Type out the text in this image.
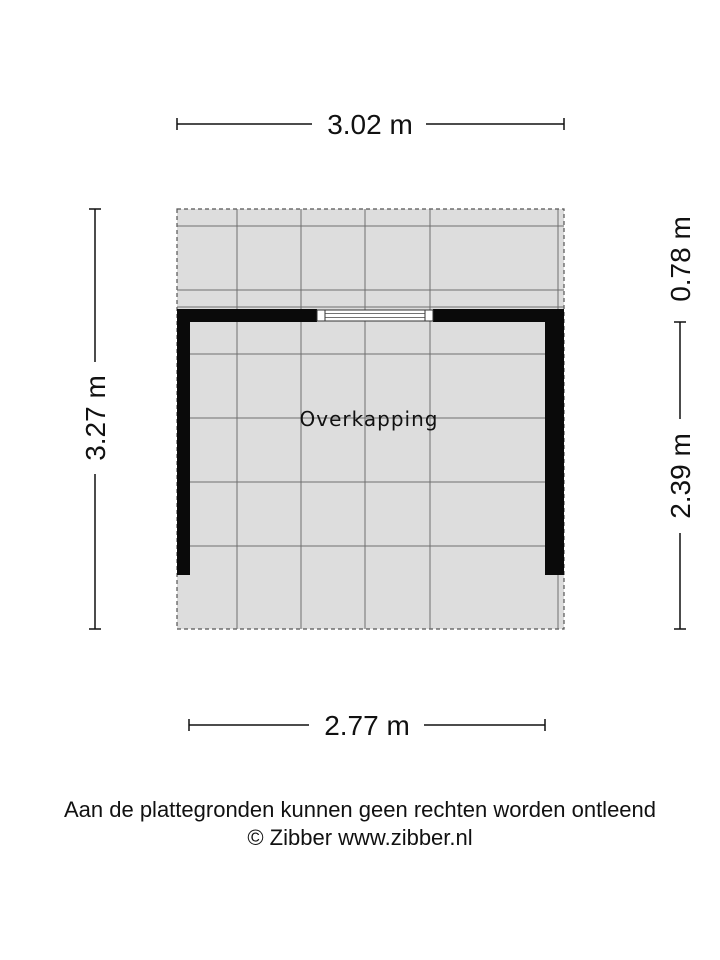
Overkapping
3.02 m
2.77 m
3.27 m
0.78 m
2.39 m
Aan de plattegronden kunnen geen rechten worden ontleend
© Zibber www.zibber.nl
